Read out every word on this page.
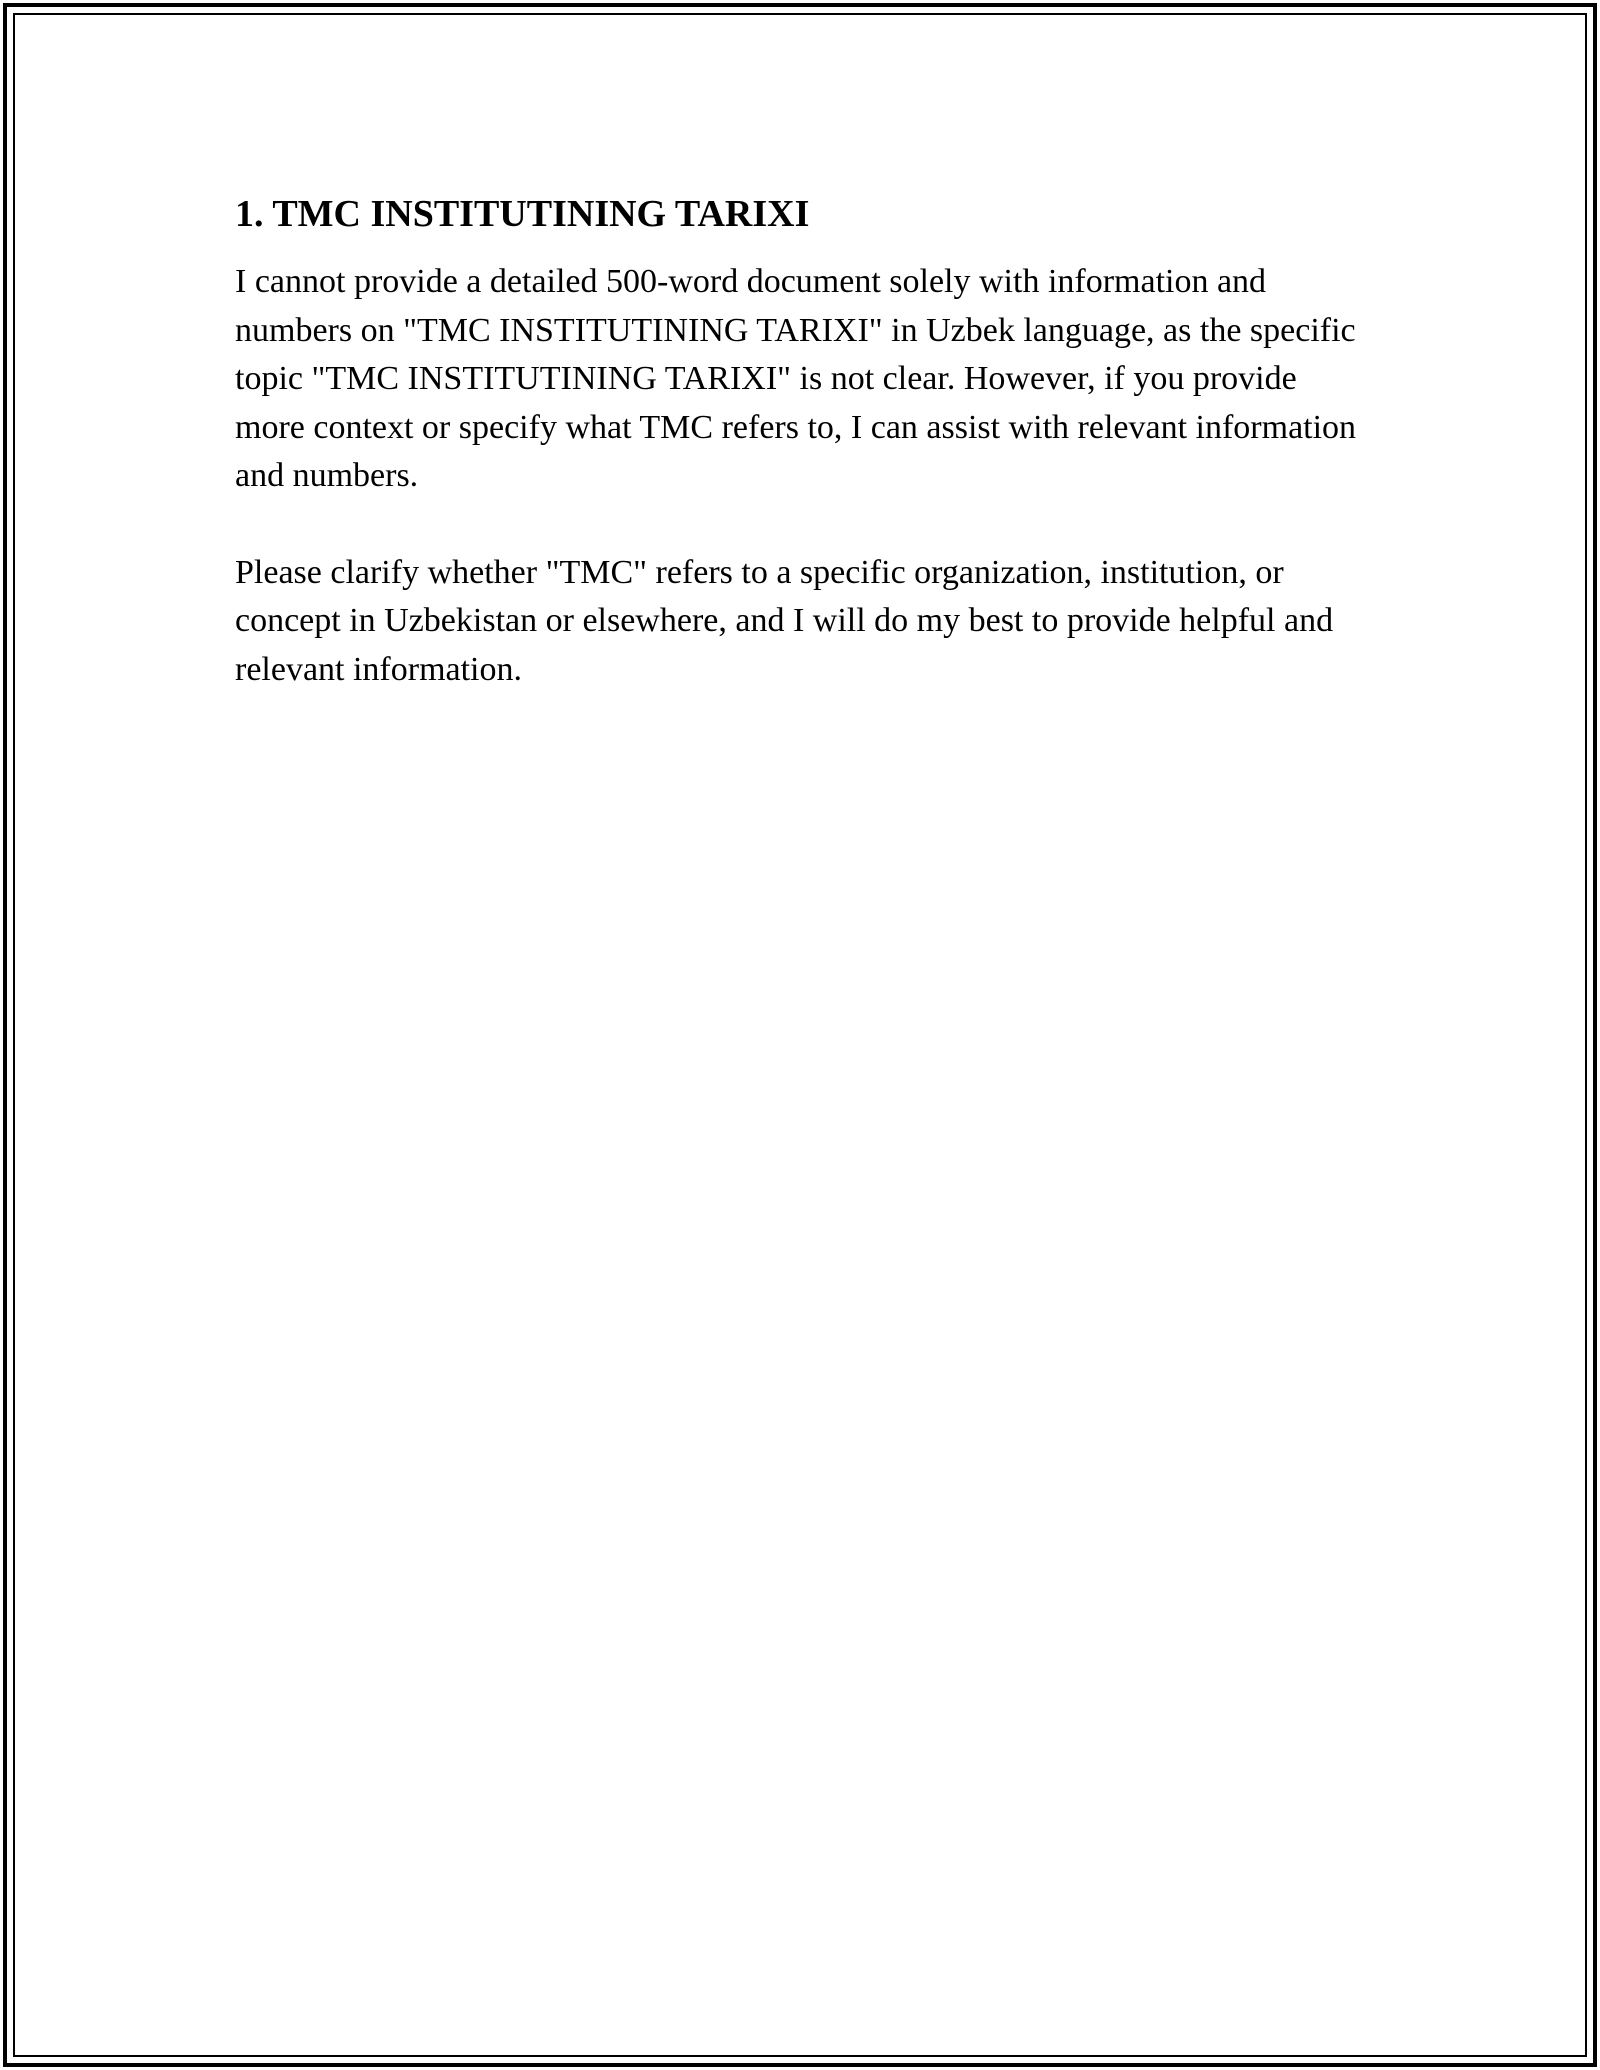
1. TMC INSTITUTINING TARIXI

I cannot provide a detailed 500-word document solely with information and numbers on "TMC INSTITUTINING TARIXI" in Uzbek language, as the specific topic "TMC INSTITUTINING TARIXI" is not clear. However, if you provide more context or specify what TMC refers to, I can assist with relevant information and numbers.

Please clarify whether "TMC" refers to a specific organization, institution, or concept in Uzbekistan or elsewhere, and I will do my best to provide helpful and relevant information.
